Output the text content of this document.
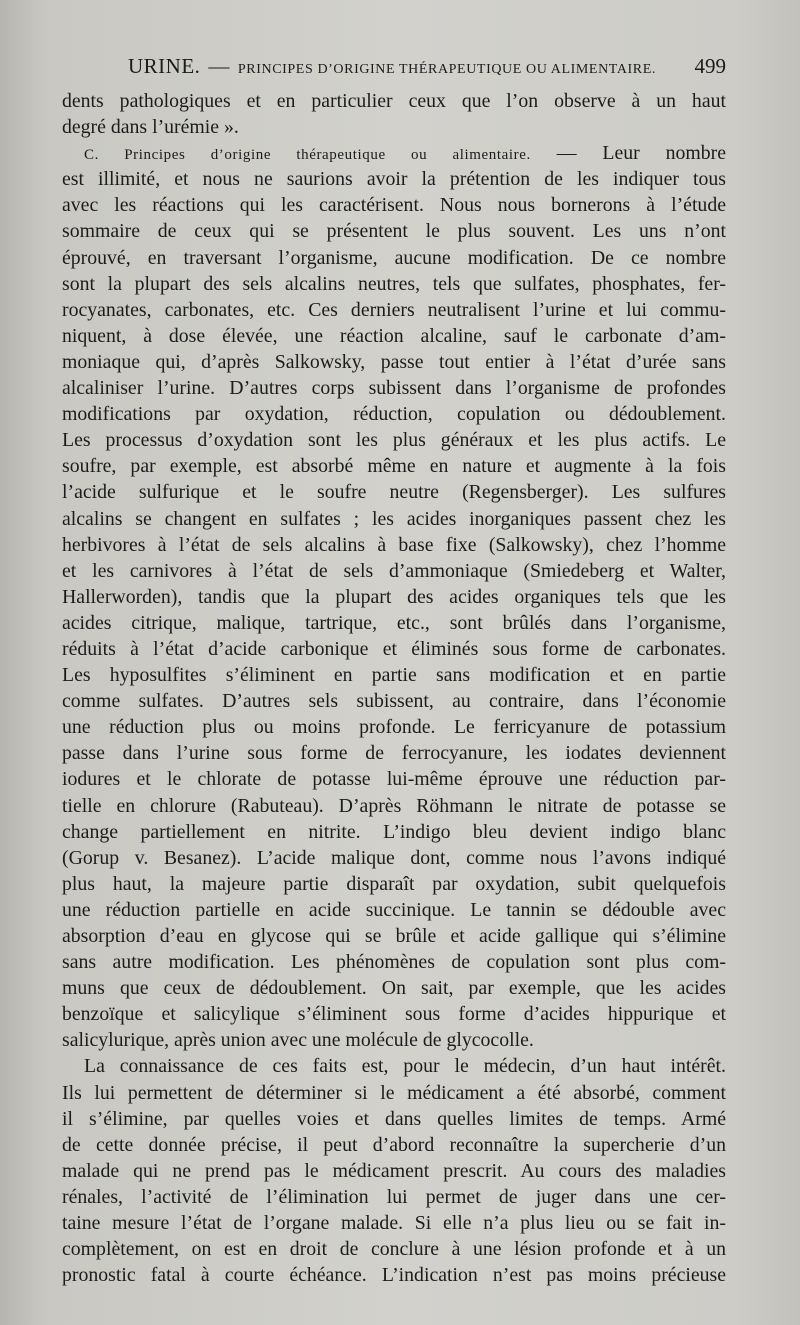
URINE. — PRINCIPES D’ORIGINE THÉRAPEUTIQUE OU ALIMENTAIRE. 499
dents pathologiques et en particulier ceux que l’on observe à un haut
degré dans l’urémie ».
C. Principes d’origine thérapeutique ou alimentaire. — Leur nombre
est illimité, et nous ne saurions avoir la prétention de les indiquer tous
avec les réactions qui les caractérisent. Nous nous bornerons à l’étude
sommaire de ceux qui se présentent le plus souvent. Les uns n’ont
éprouvé, en traversant l’organisme, aucune modification. De ce nombre
sont la plupart des sels alcalins neutres, tels que sulfates, phosphates, fer-
rocyanates, carbonates, etc. Ces derniers neutralisent l’urine et lui commu-
niquent, à dose élevée, une réaction alcaline, sauf le carbonate d’am-
moniaque qui, d’après Salkowsky, passe tout entier à l’état d’urée sans
alcaliniser l’urine. D’autres corps subissent dans l’organisme de profondes
modifications par oxydation, réduction, copulation ou dédoublement.
Les processus d’oxydation sont les plus généraux et les plus actifs. Le
soufre, par exemple, est absorbé même en nature et augmente à la fois
l’acide sulfurique et le soufre neutre (Regensberger). Les sulfures
alcalins se changent en sulfates ; les acides inorganiques passent chez les
herbivores à l’état de sels alcalins à base fixe (Salkowsky), chez l’homme
et les carnivores à l’état de sels d’ammoniaque (Smiedeberg et Walter,
Hallerworden), tandis que la plupart des acides organiques tels que les
acides citrique, malique, tartrique, etc., sont brûlés dans l’organisme,
réduits à l’état d’acide carbonique et éliminés sous forme de carbonates.
Les hyposulfites s’éliminent en partie sans modification et en partie
comme sulfates. D’autres sels subissent, au contraire, dans l’économie
une réduction plus ou moins profonde. Le ferricyanure de potassium
passe dans l’urine sous forme de ferrocyanure, les iodates deviennent
iodures et le chlorate de potasse lui-même éprouve une réduction par-
tielle en chlorure (Rabuteau). D’après Röhmann le nitrate de potasse se
change partiellement en nitrite. L’indigo bleu devient indigo blanc
(Gorup v. Besanez). L’acide malique dont, comme nous l’avons indiqué
plus haut, la majeure partie disparaît par oxydation, subit quelquefois
une réduction partielle en acide succinique. Le tannin se dédouble avec
absorption d’eau en glycose qui se brûle et acide gallique qui s’élimine
sans autre modification. Les phénomènes de copulation sont plus com-
muns que ceux de dédoublement. On sait, par exemple, que les acides
benzoïque et salicylique s’éliminent sous forme d’acides hippurique et
salicylurique, après union avec une molécule de glycocolle.
La connaissance de ces faits est, pour le médecin, d’un haut intérêt.
Ils lui permettent de déterminer si le médicament a été absorbé, comment
il s’élimine, par quelles voies et dans quelles limites de temps. Armé
de cette donnée précise, il peut d’abord reconnaître la supercherie d’un
malade qui ne prend pas le médicament prescrit. Au cours des maladies
rénales, l’activité de l’élimination lui permet de juger dans une cer-
taine mesure l’état de l’organe malade. Si elle n’a plus lieu ou se fait in-
complètement, on est en droit de conclure à une lésion profonde et à un
pronostic fatal à courte échéance. L’indication n’est pas moins précieuse
